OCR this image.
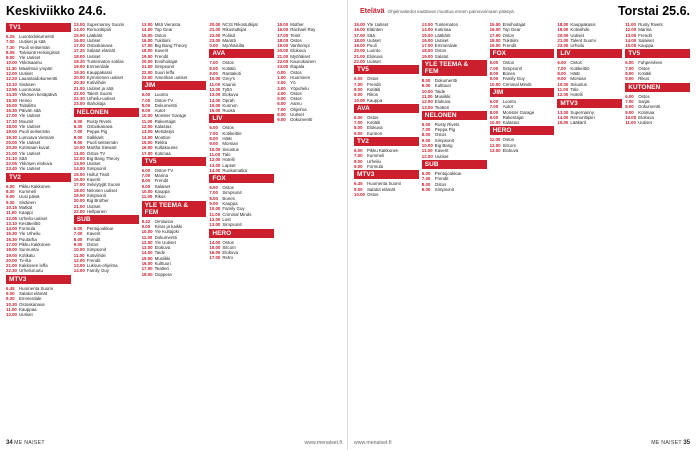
Keskiviikko 24.6.
TV1
6.25	Luontodokumentti
7.00	Uutiset ja sää
7.30	Puoli seitsemän
8.05	Talviuinti Helsingissä
9.00	Yle Uutiset
10.00 Ykkösaamu
11.30 Maailman ympäri
12.00 Uutiset
12.20 Lauantaidokumentti
13.10 Sisäisen
13.55 Luonnossa
14.30 Ykkösen kesäpäivä
15.30 Heimo
16.00 Taitoliitto
16.30 Päivän sää
17.00 Yle Uutiset
17.10 Muumit
18.00 Yle Uutiset
19.00 Puoli seitsemän
19.30 Lumoava Vietnam
20.00 Yle Uutiset
20.30 Kotimaan kuvat
21.00 Yle Uutiset
21.10 Sää
22.05 Ykkösen elokuva
23.40 Yle Uutiset
TV2
6.00	Pikku Kakkonen
8.30	Kummeli
9.00	Uusi päivä
9.30	Sisäinen
10.15 Matkat
11.00 Kaappi
12.05 Urheilu-uutiset
13.10 Kesäkeittiö
14.00 Formula
15.30 Yle Urheilu
16.30 Puutarha
17.00 Pikku Kakkonen
18.00 Sunnuntai
19.00 Kotikatu
20.00 Tv-ilta
21.00 Kakkosen leffa
22.30 Urheiluruutu
MTV3
6.45	Huomenta Suomi
9.00	Salatut elämät
9.30	Emmerdale
10.30 Ostoskanava
11.00 Kauppaa
12.00 Uutiset
13.00 Supernanny Suomi
14.00 Remonttipiiri
15.00 Lääkärit
16.00 Uutiset
17.00 Ostoskanava
17.20 Salatut elämät
18.00 Uutiset
18.30 Tuntematon sotilas
19.00 Emmerdale
19.30 Kauppakassi
20.00 Kymmenen uutiset
20.30 Kotiviihde
21.00 Uutiset ja sää
22.00 Talent Suomi
22.30 Urheilu-uutiset
23.00 Iltahoitaja
NELONEN
6.00	Rusty Rivets
6.30	Ostoskanava
7.00	Peppa Pig
8.00	Salkkarit
9.00	Puoli seitsemän
10.00 Martha Stewart
11.00 Ostos-TV
12.00 Big Bang Theory
13.00 Uutiset
14.00 Simpsonit
15.00 Hullut Tissit
16.00 Kaverit
17.00 Selviytyjät Suomi
18.00 Nelosen uutiset
19.00 Simpsonit
20.00 Big Brother
21.00 Uutiset
22.00 Hellpanen
SUB
6.00	Pentujoukkue
7.00	Kaverit
8.00	Frendit
9.00	Ostos
10.00 Simpsonit
11.00 Kotiviihde
12.00 Frendit
13.00 Luksus-ohjelma
14.00 Family Guy
13.00 Mitä Vierasta
14.00 Top Gear
15.00 Ostos
16.00 Tukitiimi
17.00 Big Bang Theory
18.00 Kaverit
19.00 Frendit
20.00 Ensihoitajat
21.00 Simpsonit
22.00 Suuri leffa
23.00 Amerikan uutiset
JIM
6.00	Luonto
7.00	Ostos-TV
8.00	Dokumentti
9.00	Autot
10.00 Monster Garage
11.00 Rakentajat
12.00 Kalastus
13.00 Metsästys
14.00 Moottori
15.00 Rekka
16.00 Kultakuume
17.00 Kotimaa
TV5
6.00	Ostos-TV
7.00	Marina
8.00	Frendit
9.00	Salaiset
10.00 Kauppa
11.00 Rikos
YLE TEEMA & FEM
8.42	Omituisia
9.00	Kiitos ja kaikki
10.00 Yle Kultajoki
11.00 Dokumentti
12.00 Yle Uutiset
13.00 Elokuva
14.00 Taide
15.00 Musiikki
16.00 Kulttuuri
17.00 Teatteri
18.00 Ooppera
20.00 NCIS Rikostutkijat
21.00 Rikostutkijat
22.00 Poliisit
23.00 Maratti
0.00	Myöhäisilta
AVA
7.00	Ostos
8.00	Kotiäiti
9.00	Rantakoti
10.00 Grey's
11.00 Kaunis
12.00 Tyttö
13.00 Elokuva
14.00 Oprah
15.00 Kunnon
16.00 Ruoka
LIV
6.00	Ostos
7.00	Kotikeittiö
8.00	Häät
9.00	Morsian
10.00 Sisustus
11.00 Talo
12.00 Hotelli
13.00 Lapset
14.00 Ruokamatka
FOX
6.00	Ostos
7.00	Simpsonit
8.00	Bones
9.00	Kauppa
10.00 Family Guy
11.00 Criminal Minds
12.00 Lost
13.00 Simpsonit
HERO
14.00 Ostos
15.00 Sitcom
16.00 Elokuva
17.00 Retro
15.00 Mother
16.00 Rachael Ray
17.00 Teinit
18.00 Ostos
19.00 Vanhempi
20.00 Elokuva
21.00 Myöhäiset
22.00 Kaunokainen
23.00 Iltapala
0.00	Ostos
1.00	Huominen
2.00	Yö
3.00	Yöpuhelu
4.00	Ostos
5.00	Ostos
6.00	Aamu
7.00	Ohjelma
8.00	Uutiset
9.00	Dokumentti
34 ME NAISET	www.menaiset.fi
Etelävä Ohjelmatiedot saattavat muuttua ennen painovoimaan pääsyä.	Torstai 25.6.
15.00 Yle Uutiset
16.00 Eläinten
17.00 Sää
18.00 Uutiset
19.00 Puoli
20.00 Luonto
21.00 Elokuva
22.00 Uutiset
TV5
6.00	Ostos
7.00	Frendit
8.00	Kotiäiti
9.00	Rikos
10.00 Kauppa
AVA
6.00	Ostos
7.00	Kotiäiti
8.00	Elokuva
9.00	Kunnon
TV2
6.00	Pikku Kakkonen
7.00	Kummeli
8.00	Urheilu
9.00	Formula
MTV3
6.45	Huomenta Suomi
9.00	Salatut elämät
10.00 Ostos
13.00 Tuntematon
14.00 Kotimaa
15.00 Lääkärit
16.00 Uutiset
17.00 Emmerdale
18.00 Ostos
19.00 Salatut
YLE TEEMA & FEM
8.00	Dokumentti
9.00	Kulttuuri
10.00 Taide
11.00 Musiikki
12.00 Elokuva
13.00 Teatteri
NELONEN
6.00	Rusty Rivets
7.00	Peppa Pig
8.00	Ostos
9.00	Simpsonit
10.00 Big Bang
11.00 Kaverit
12.00 Uutiset
SUB
6.00	Pentujoukkue
7.00	Frendit
8.00	Ostos
9.00	Simpsonit
15.00 Ensihoitajat
16.00 Top Gear
17.00 Ostos
18.00 Tukitiimi
19.00 Frendit
FOX
6.00	Ostos
7.00	Simpsonit
8.00	Bones
9.00	Family Guy
10.00 Criminal Minds
JIM
6.00	Luonto
7.00	Autot
8.00	Monster Garage
9.00	Rakentajat
10.00 Kalastus
HERO
11.00 Ostos
12.00 Sitcom
13.00 Elokuva
18.00 Kauppakassi
19.00 Kotiviihde
20.00 Uutiset
21.00 Talent Suomi
22.00 Urheilu
LIV
6.00	Ostos
7.00	Kotikeittiö
8.00	Häät
9.00	Morsian
10.00 Sisustus
11.00 Talo
12.00 Hotelli
MTV3
13.00 Supernanny
14.00 Remonttipiiri
15.00 Lääkärit
11.00 Rusty Rivets
12.00 Marina
13.00 Frendit
14.00 Salaiset
15.00 Kauppa
TV5
6.00	Fuhpervlsen
7.00	Ostos
8.00	Kotiäiti
9.00	Rikos
KUTONEN
6.00	Ostos
7.00	Sarjat
8.00	Dokumentti
9.00	Kotimaa
10.00 Elokuva
11.00 Uutiset
www.menaiset.fi	ME NAISET 35
